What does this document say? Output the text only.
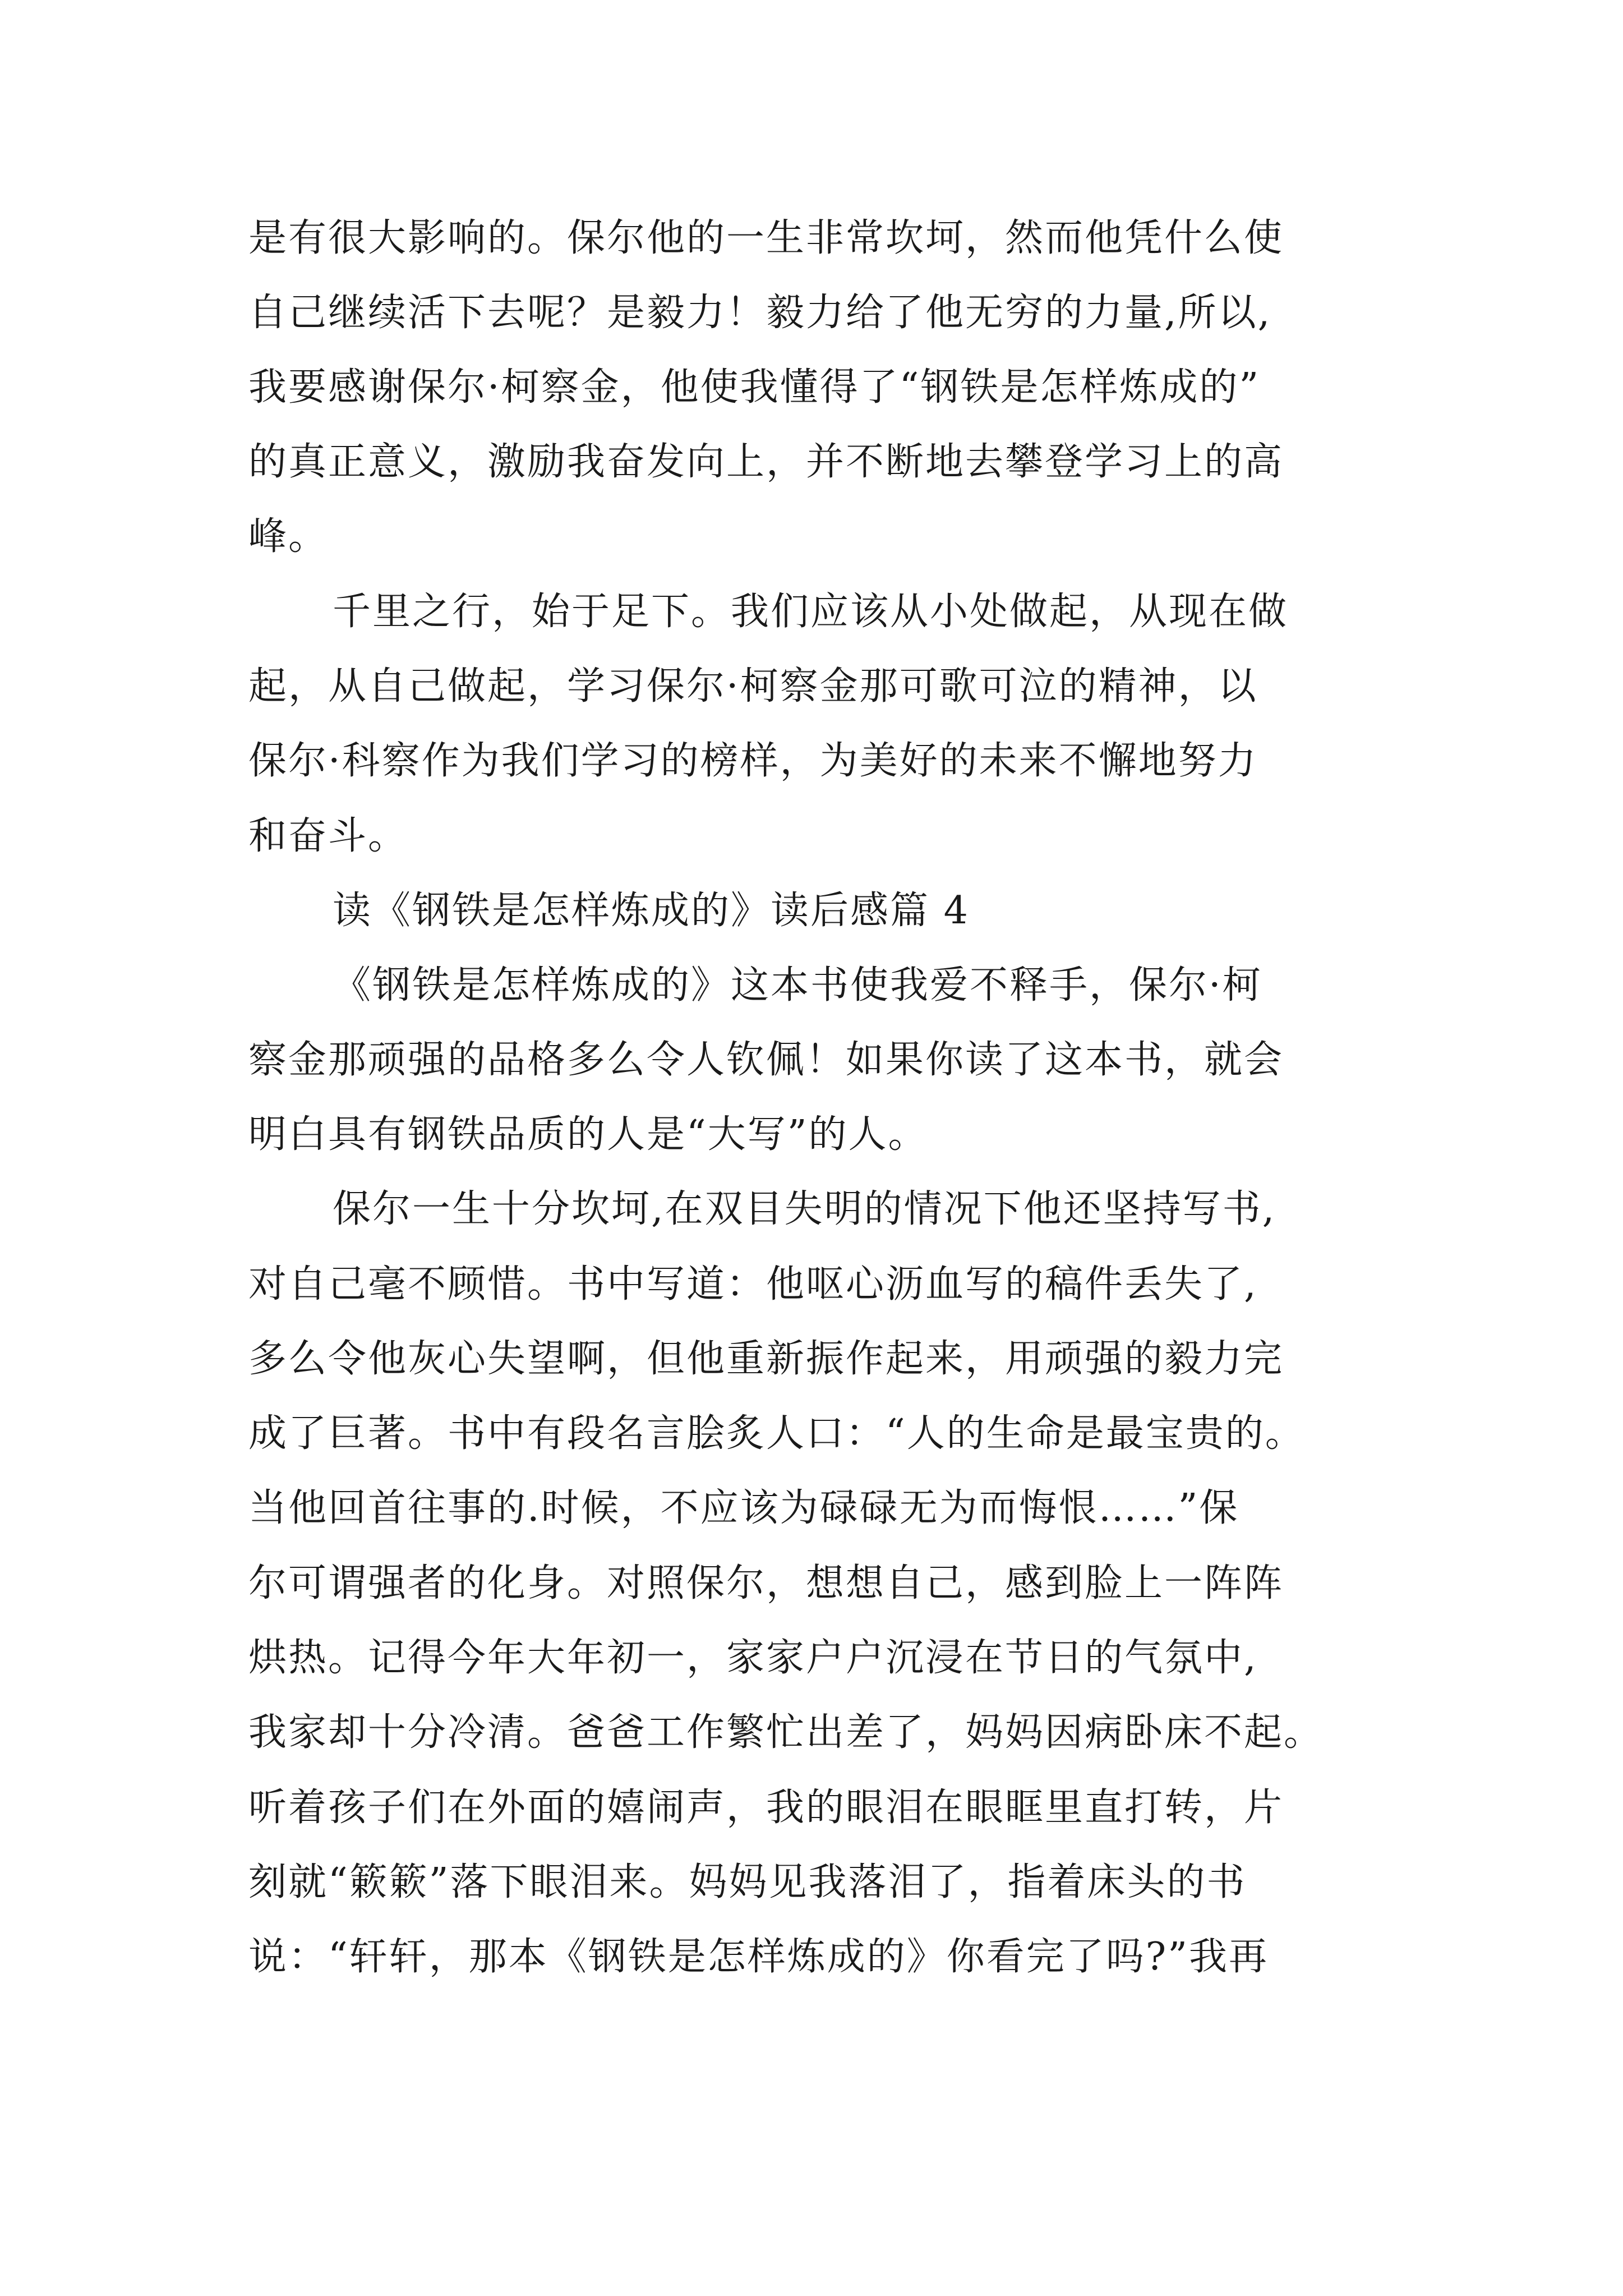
是有很大影响的。保尔他的一生非常坎坷，然而他凭什么使
自己继续活下去呢？是毅力！毅力给了他无穷的力量,所以,
我要感谢保尔·柯察金，他使我懂得了“钢铁是怎样炼成的”
的真正意义，激励我奋发向上，并不断地去攀登学习上的高
峰。
千里之行，始于足下。我们应该从小处做起，从现在做
起，从自己做起，学习保尔·柯察金那可歌可泣的精神，以
保尔·科察作为我们学习的榜样，为美好的未来不懈地努力
和奋斗。
读《钢铁是怎样炼成的》读后感篇 4
《钢铁是怎样炼成的》这本书使我爱不释手，保尔·柯
察金那顽强的品格多么令人钦佩！如果你读了这本书，就会
明白具有钢铁品质的人是“大写”的人。
保尔一生十分坎坷,在双目失明的情况下他还坚持写书,
对自己毫不顾惜。书中写道：他呕心沥血写的稿件丢失了,
多么令他灰心失望啊，但他重新振作起来，用顽强的毅力完
成了巨著。书中有段名言脍炙人口：“人的生命是最宝贵的。
当他回首往事的.时候，不应该为碌碌无为而悔恨……”保
尔可谓强者的化身。对照保尔，想想自己，感到脸上一阵阵
烘热。记得今年大年初一，家家户户沉浸在节日的气氛中,
我家却十分冷清。爸爸工作繁忙出差了，妈妈因病卧床不起。
听着孩子们在外面的嬉闹声，我的眼泪在眼眶里直打转，片
刻就“簌簌”落下眼泪来。妈妈见我落泪了，指着床头的书
说：“轩轩，那本《钢铁是怎样炼成的》你看完了吗?”我再
